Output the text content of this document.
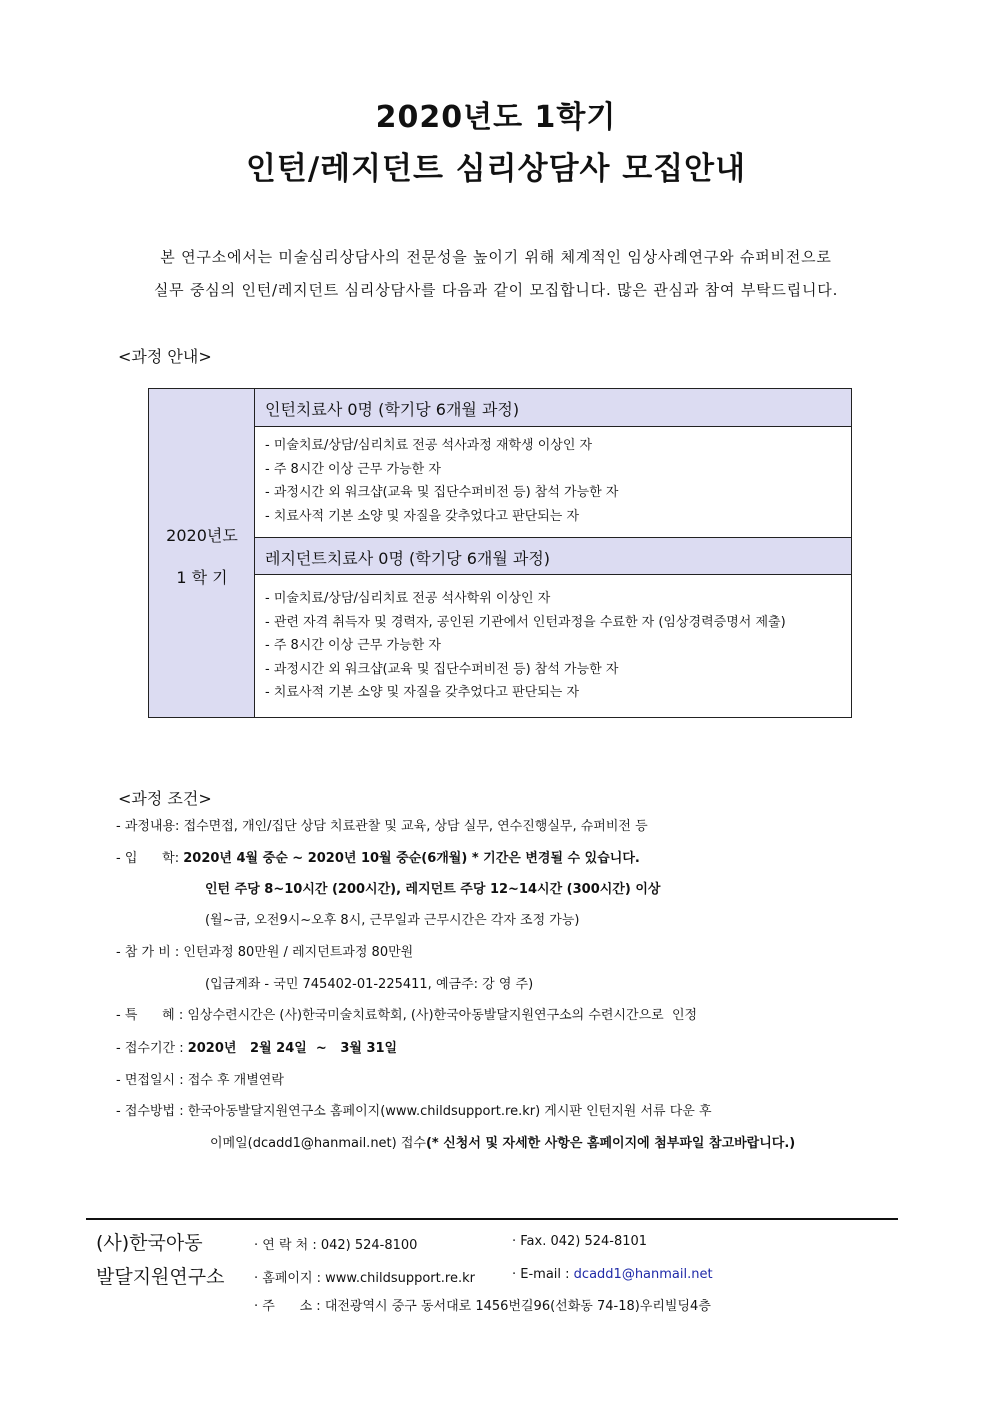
2020년도 1학기
인턴/레지던트 심리상담사 모집안내
본 연구소에서는 미술심리상담사의 전문성을 높이기 위해 체계적인 임상사례연구와 슈퍼비전으로
실무 중심의 인턴/레지던트 심리상담사를 다음과 같이 모집합니다. 많은 관심과 참여 부탁드립니다.
<과정 안내>
2020년도
1 학 기
인턴치료사 0명 (학기당 6개월 과정)
- 미술치료/상담/심리치료 전공 석사과정 재학생 이상인 자
- 주 8시간 이상 근무 가능한 자
- 과정시간 외 워크샵(교육 및 집단수퍼비전 등) 참석 가능한 자
- 치료사적 기본 소양 및 자질을 갖추었다고 판단되는 자
레지던트치료사 0명 (학기당 6개월 과정)
- 미술치료/상담/심리치료 전공 석사학위 이상인 자
- 관련 자격 취득자 및 경력자, 공인된 기관에서 인턴과정을 수료한 자 (임상경력증명서 제출)
- 주 8시간 이상 근무 가능한 자
- 과정시간 외 워크샵(교육 및 집단수퍼비전 등) 참석 가능한 자
- 치료사적 기본 소양 및 자질을 갖추었다고 판단되는 자
<과정 조건>
- 과정내용: 접수면접, 개인/집단 상담 치료관찰 및 교육, 상담 실무, 연수진행실무, 슈퍼비전 등
- 입      학: 2020년 4월 중순 ~ 2020년 10월 중순(6개월) * 기간은 변경될 수 있습니다.
인턴 주당 8~10시간 (200시간), 레지던트 주당 12~14시간 (300시간) 이상
(월~금, 오전9시~오후 8시, 근무일과 근무시간은 각자 조정 가능)
- 참 가 비 : 인턴과정 80만원 / 레지던트과정 80만원
(입금계좌 - 국민 745402-01-225411, 예금주: 강 영 주)
- 특      혜 : 임상수련시간은 (사)한국미술치료학회, (사)한국아동발달지원연구소의 수련시간으로  인정
- 접수기간 : 2020년   2월 24일  ~   3월 31일
- 면접일시 : 접수 후 개별연락
- 접수방법 : 한국아동발달지원연구소 홈페이지(www.childsupport.re.kr) 게시판 인턴지원 서류 다운 후
이메일(dcadd1@hanmail.net) 접수(* 신청서 및 자세한 사항은 홈페이지에 첨부파일 참고바랍니다.)
(사)한국아동
발달지원연구소
· 연 락 처 : 042) 524-8100	· Fax. 042) 524-8101
· 홈페이지 : www.childsupport.re.kr	· E-mail : dcadd1@hanmail.net
· 주      소 : 대전광역시 중구 동서대로 1456번길96(선화동 74-18)우리빌딩4층
